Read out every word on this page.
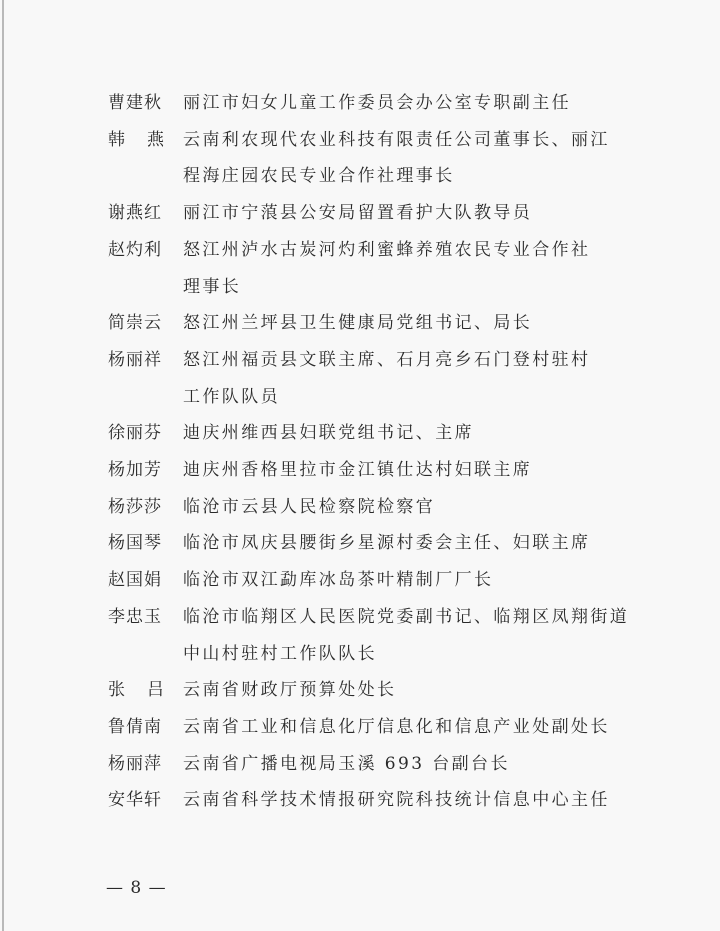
曹建秋 丽江市妇女儿童工作委员会办公室专职副主任
韩 燕 云南利农现代农业科技有限责任公司董事长、丽江
程海庄园农民专业合作社理事长
谢燕红 丽江市宁蒗县公安局留置看护大队教导员
赵灼利 怒江州泸水古炭河灼利蜜蜂养殖农民专业合作社
理事长
简崇云 怒江州兰坪县卫生健康局党组书记、局长
杨丽祥 怒江州福贡县文联主席、石月亮乡石门登村驻村
工作队队员
徐丽芬 迪庆州维西县妇联党组书记、主席
杨加芳 迪庆州香格里拉市金江镇仕达村妇联主席
杨莎莎 临沧市云县人民检察院检察官
杨国琴 临沧市凤庆县腰街乡星源村委会主任、妇联主席
赵国娟 临沧市双江勐库冰岛茶叶精制厂厂长
李忠玉 临沧市临翔区人民医院党委副书记、临翔区凤翔街道
中山村驻村工作队队长
张 吕 云南省财政厅预算处处长
鲁倩南 云南省工业和信息化厅信息化和信息产业处副处长
杨丽萍 云南省广播电视局玉溪 693 台副台长
安华轩 云南省科学技术情报研究院科技统计信息中心主任
— 8 —
